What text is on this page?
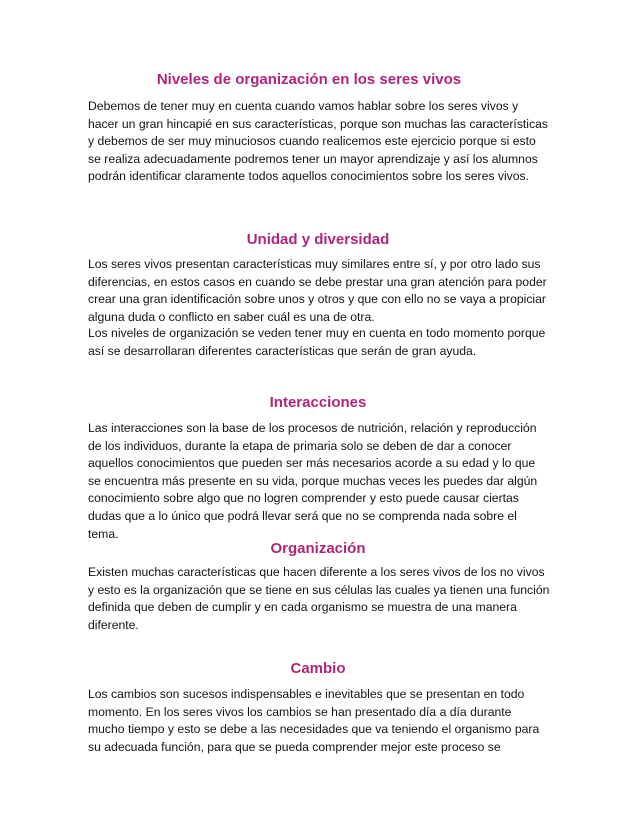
Niveles de organización en los seres vivos

Debemos de tener muy en cuenta cuando vamos hablar sobre los seres vivos y hacer un gran hincapié en sus características, porque son muchas las características y debemos de ser muy minuciosos cuando realicemos este ejercicio porque si esto se realiza adecuadamente podremos tener un mayor aprendizaje y así los alumnos podrán identificar claramente todos aquellos conocimientos sobre los seres vivos.

Unidad y diversidad

Los seres vivos presentan características muy similares entre sí, y por otro lado sus diferencias, en estos casos en cuando se debe prestar una gran atención para poder crear una gran identificación sobre unos y otros y que con ello no se vaya a propiciar alguna duda o conflicto en saber cuál es una de otra.

Los niveles de organización se veden tener muy en cuenta en todo momento porque así se desarrollaran diferentes características que serán de gran ayuda.

Interacciones

Las interacciones son la base de los procesos de nutrición, relación y reproducción de los individuos, durante la etapa de primaria solo se deben de dar a conocer aquellos conocimientos que pueden ser más necesarios acorde a su edad y lo que se encuentra más presente en su vida, porque muchas veces les puedes dar algún conocimiento sobre algo que no logren comprender y esto puede causar ciertas dudas que a lo único que podrá llevar será que no se comprenda nada sobre el tema.

Organización

Existen muchas características que hacen diferente a los seres vivos de los no vivos y esto es la organización que se tiene en sus células las cuales ya tienen una función definida que deben de cumplir y en cada organismo se muestra de una manera diferente.

Cambio

Los cambios son sucesos indispensables e inevitables que se presentan en todo momento. En los seres vivos los cambios se han presentado día a día durante mucho tiempo y esto se debe a las necesidades que va teniendo el organismo para su adecuada función, para que se pueda comprender mejor este proceso se
